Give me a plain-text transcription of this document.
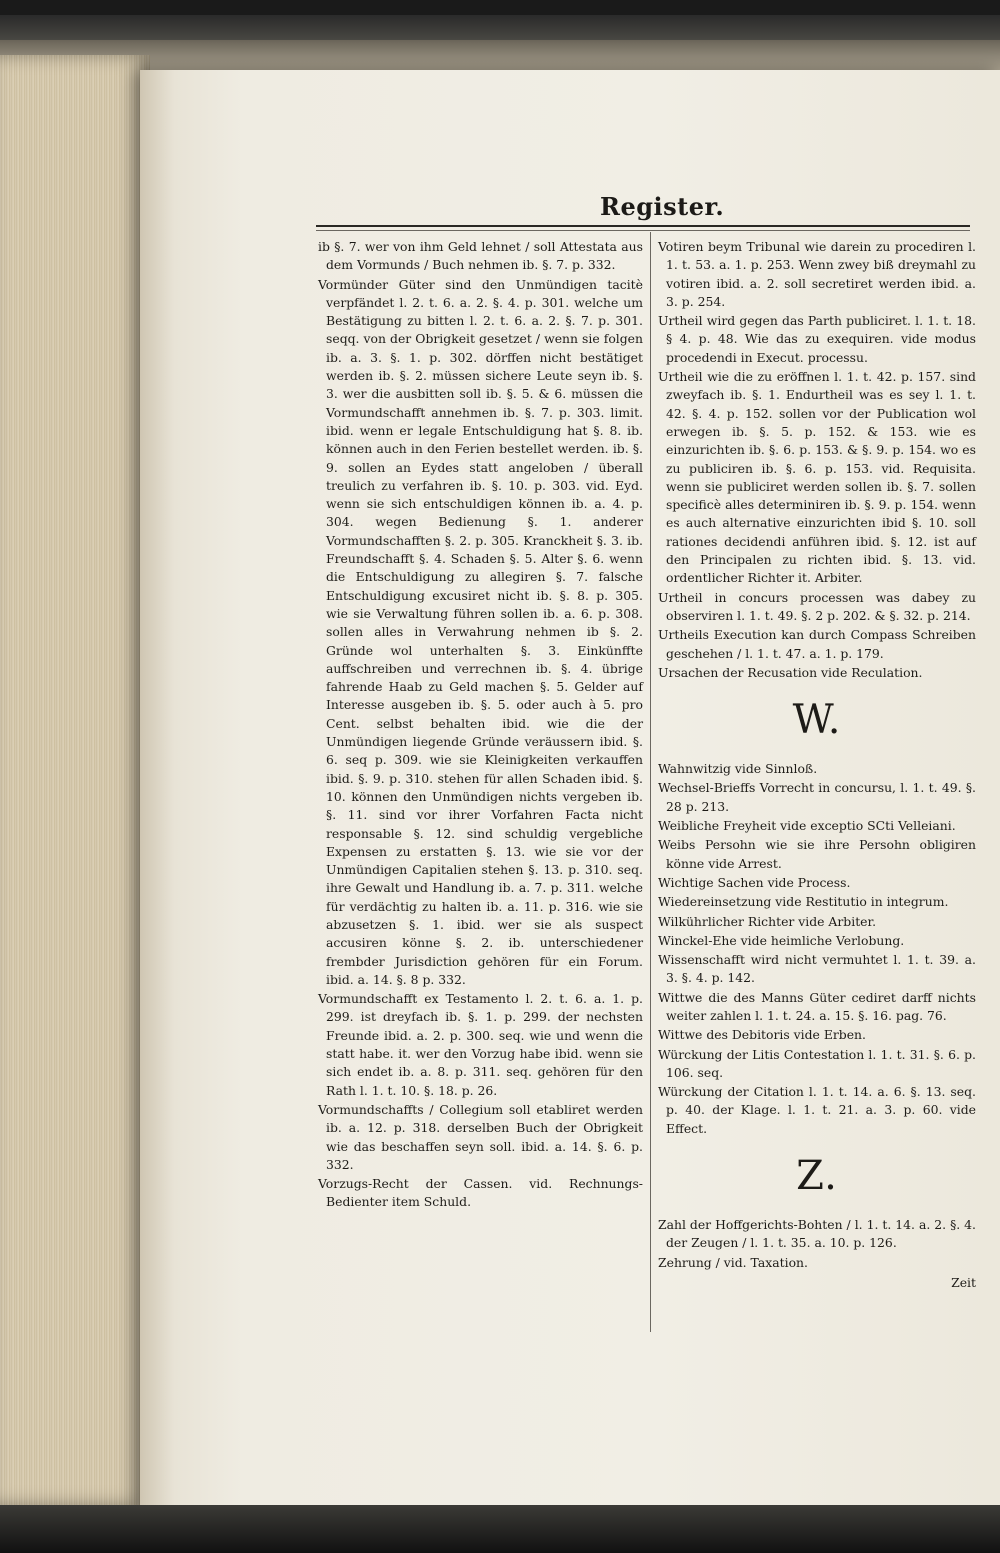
Register.

ib §. 7. wer von ihm Geld lehnet / soll Attestata aus dem Vormunds / Buch nehmen ib. §. 7. p. 332.

Vormünder Güter sind den Unmündigen tacitè verpfändet l. 2. t. 6. a. 2. §. 4. p. 301. welche um Bestätigung zu bitten l. 2. t. 6. a. 2. §. 7. p. 301. seqq. von der Obrigkeit gesetzet / wenn sie folgen ib. a. 3. §. 1. p. 302. dörffen nicht bestätiget werden ib. §. 2. müssen sichere Leute seyn ib. §. 3. wer die ausbitten soll ib. §. 5. & 6. müssen die Vormundschafft annehmen ib. §. 7. p. 303. limit. ibid. wenn er legale Entschuldigung hat §. 8. ib. können auch in den Ferien bestellet werden. ib. §. 9. sollen an Eydes statt angeloben / überall treulich zu verfahren ib. §. 10. p. 303. vid. Eyd. wenn sie sich entschuldigen können ib. a. 4. p. 304. wegen Bedienung §. 1. anderer Vormundschafften §. 2. p. 305. Kranckheit §. 3. ib. Freundschafft §. 4. Schaden §. 5. Alter §. 6. wenn die Entschuldigung zu allegiren §. 7. falsche Entschuldigung excusiret nicht ib. §. 8. p. 305. wie sie Verwaltung führen sollen ib. a. 6. p. 308. sollen alles in Verwahrung nehmen ib §. 2. Gründe wol unterhalten §. 3. Einkünffte auffschreiben und verrechnen ib. §. 4. übrige fahrende Haab zu Geld machen §. 5. Gelder auf Interesse ausgeben ib. §. 5. oder auch à 5. pro Cent. selbst behalten ibid. wie die der Unmündigen liegende Gründe veräussern ibid. §. 6. seq p. 309. wie sie Kleinigkeiten verkauffen ibid. §. 9. p. 310. stehen für allen Schaden ibid. §. 10. können den Unmündigen nichts vergeben ib. §. 11. sind vor ihrer Vorfahren Facta nicht responsable §. 12. sind schuldig vergebliche Expensen zu erstatten §. 13. wie sie vor der Unmündigen Capitalien stehen §. 13. p. 310. seq. ihre Gewalt und Handlung ib. a. 7. p. 311. welche für verdächtig zu halten ib. a. 11. p. 316. wie sie abzusetzen §. 1. ibid. wer sie als suspect accusiren könne §. 2. ib. unterschiedener frembder Jurisdiction gehören für ein Forum. ibid. a. 14. §. 8 p. 332.

Vormundschafft ex Testamento l. 2. t. 6. a. 1. p. 299. ist dreyfach ib. §. 1. p. 299. der nechsten Freunde ibid. a. 2. p. 300. seq. wie und wenn die statt habe. it. wer den Vorzug habe ibid. wenn sie sich endet ib. a. 8. p. 311. seq. gehören für den Rath l. 1. t. 10. §. 18. p. 26.

Vormundschaffts / Collegium soll etabliret werden ib. a. 12. p. 318. derselben Buch der Obrigkeit wie das beschaffen seyn soll. ibid. a. 14. §. 6. p. 332.

Vorzugs-Recht der Cassen. vid. Rechnungs-Bedienter item Schuld.

Votiren beym Tribunal wie darein zu procediren l. 1. t. 53. a. 1. p. 253. Wenn zwey biß dreymahl zu votiren ibid. a. 2. soll secretiret werden ibid. a. 3. p. 254.

Urtheil wird gegen das Parth publiciret. l. 1. t. 18. § 4. p. 48. Wie das zu exequiren. vide modus procedendi in Execut. processu.

Urtheil wie die zu eröffnen l. 1. t. 42. p. 157. sind zweyfach ib. §. 1. Endurtheil was es sey l. 1. t. 42. §. 4. p. 152. sollen vor der Publication wol erwegen ib. §. 5. p. 152. & 153. wie es einzurichten ib. §. 6. p. 153. & §. 9. p. 154. wo es zu publiciren ib. §. 6. p. 153. vid. Requisita. wenn sie publiciret werden sollen ib. §. 7. sollen specificè alles determiniren ib. §. 9. p. 154. wenn es auch alternative einzurichten ibid §. 10. soll rationes decidendi anführen ibid. §. 12. ist auf den Principalen zu richten ibid. §. 13. vid. ordentlicher Richter it. Arbiter.

Urtheil in concurs processen was dabey zu observiren l. 1. t. 49. §. 2 p. 202. & §. 32. p. 214.

Urtheils Execution kan durch Compass Schreiben geschehen / l. 1. t. 47. a. 1. p. 179.

Ursachen der Recusation vide Reculation.

W.

Wahnwitzig vide Sinnloß.

Wechsel-Brieffs Vorrecht in concursu, l. 1. t. 49. §. 28 p. 213.

Weibliche Freyheit vide exceptio SCti Velleiani.

Weibs Persohn wie sie ihre Persohn obligiren könne vide Arrest.

Wichtige Sachen vide Process.

Wiedereinsetzung vide Restitutio in integrum.

Wilkührlicher Richter vide Arbiter.

Winckel-Ehe vide heimliche Verlobung.

Wissenschafft wird nicht vermuhtet l. 1. t. 39. a. 3. §. 4. p. 142.

Wittwe die des Manns Güter cediret darff nichts weiter zahlen l. 1. t. 24. a. 15. §. 16. pag. 76.

Wittwe des Debitoris vide Erben.

Würckung der Litis Contestation l. 1. t. 31. §. 6. p. 106. seq.

Würckung der Citation l. 1. t. 14. a. 6. §. 13. seq. p. 40. der Klage. l. 1. t. 21. a. 3. p. 60. vide Effect.

Z.

Zahl der Hoffgerichts-Bohten / l. 1. t. 14. a. 2. §. 4. der Zeugen / l. 1. t. 35. a. 10. p. 126.

Zehrung / vid. Taxation.

Zeit
